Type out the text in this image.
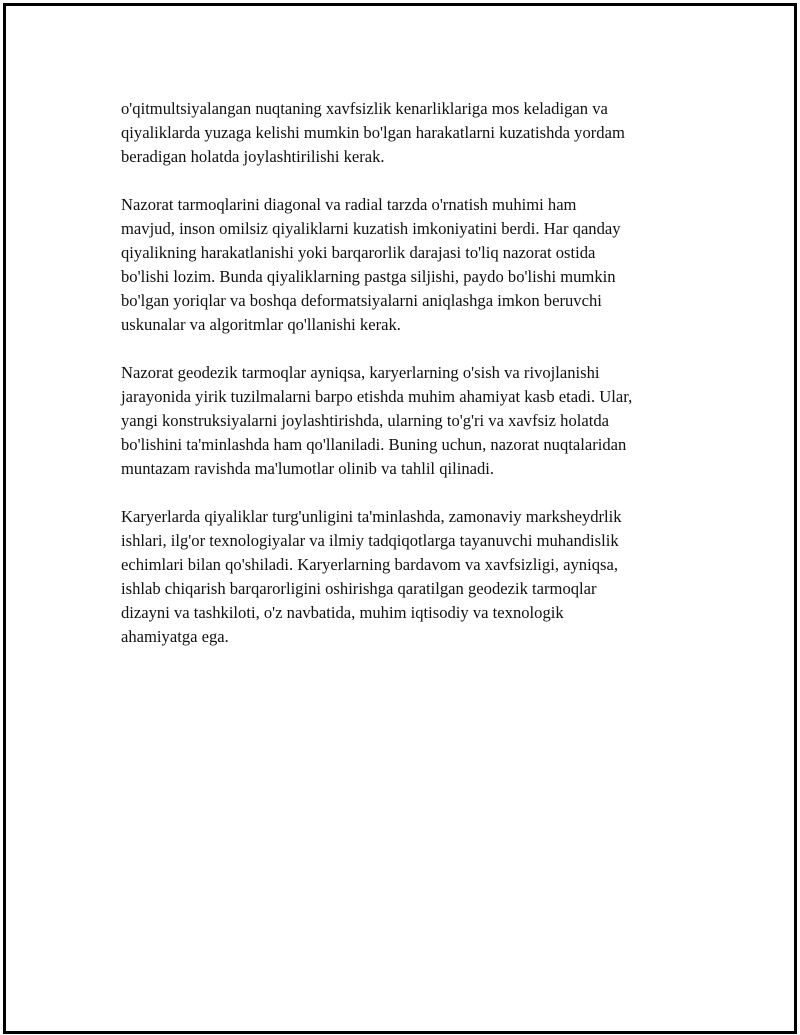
o'qitmultsiyalangan nuqtaning xavfsizlik kenarliklariga mos keladigan va
qiyaliklarda yuzaga kelishi mumkin bo'lgan harakatlarni kuzatishda yordam
beradigan holatda joylashtirilishi kerak.

Nazorat tarmoqlarini diagonal va radial tarzda o'rnatish muhimi ham
mavjud, inson omilsiz qiyaliklarni kuzatish imkoniyatini berdi. Har qanday
qiyalikning harakatlanishi yoki barqarorlik darajasi to'liq nazorat ostida
bo'lishi lozim. Bunda qiyaliklarning pastga siljishi, paydo bo'lishi mumkin
bo'lgan yoriqlar va boshqa deformatsiyalarni aniqlashga imkon beruvchi
uskunalar va algoritmlar qo'llanishi kerak.

Nazorat geodezik tarmoqlar ayniqsa, karyerlarning o'sish va rivojlanishi
jarayonida yirik tuzilmalarni barpo etishda muhim ahamiyat kasb etadi. Ular,
yangi konstruksiyalarni joylashtirishda, ularning to'g'ri va xavfsiz holatda
bo'lishini ta'minlashda ham qo'llaniladi. Buning uchun, nazorat nuqtalaridan
muntazam ravishda ma'lumotlar olinib va tahlil qilinadi.

Karyerlarda qiyaliklar turg'unligini ta'minlashda, zamonaviy marksheydrlik
ishlari, ilg'or texnologiyalar va ilmiy tadqiqotlarga tayanuvchi muhandislik
echimlari bilan qo'shiladi. Karyerlarning bardavom va xavfsizligi, ayniqsa,
ishlab chiqarish barqarorligini oshirishga qaratilgan geodezik tarmoqlar
dizayni va tashkiloti, o'z navbatida, muhim iqtisodiy va texnologik
ahamiyatga ega.
